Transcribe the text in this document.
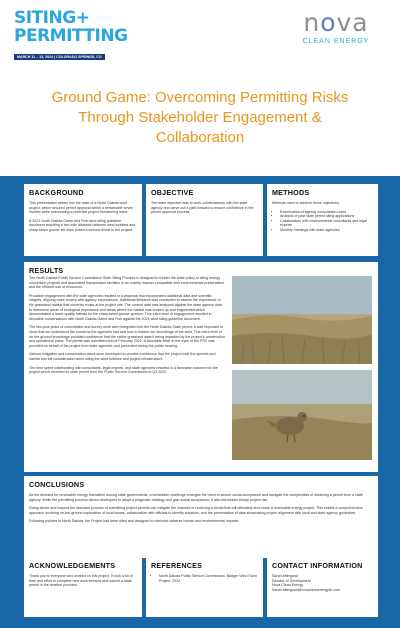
SITING+
PERMITTING
MARCH 11 – 13, 2024 | COLORADO SPRINGS, CO
nova
CLEAN ENERGY
Ground Game: Overcoming Permitting Risks
Through Stakeholder Engagement &
Collaboration
BACKGROUND

This presentation delves into the case of a North Dakota wind project, which secured permit approval within a remarkable seven months while overcoming a potential project-threatening issue.

A 2021 North Dakota Game and Fish wind siting guideline document requiring a two-mile distance between wind turbines and sharp-tailed grouse lek sites posed a serious threat to the project.

OBJECTIVE

The team objective was to work collaboratively with the state agency and carve out a path forward to ensure confidence in the permit approval process.

METHODS

Methods used to achieve these objectives:

• Examination of agency consultation notes
• Analysis of past state permit siting applications
• Collaboration with environmental consultants and legal experts
• Monthly meetings with state agencies
RESULTS

The North Dakota Public Service Commission State Siting Process is designed to further the state policy of siting energy conversion projects and associated transmission facilities in an orderly manner compatible with environmental preservation and the efficient use of resources.

Proactive engagement with the state agencies resulted in a proposal that incorporated additional data and scientific insights, aligning more closely with agency expectations. Additional fieldwork was conducted to assess the importance of the grassland habitat that currently exists at the project site. The current data was analyzed against the state agency data to determine areas of ecological importance and areas where the habitat was broken up and fragmented which demonstrated a lower quality habitat for the sharp-tailed grouse species. This extra level of engagement resulted in favorable conversations with North Dakota Game and Fish against the 2021 wind siting guideline document.

The two-plus years of consultation and survey work were integrated into the North Dakota State permit. It was important to show that we understood the concerns the agencies had and how to bolster our knowledge of the area. This extra level of on-the-ground knowledge provided confidence that the native grassland wasn't being impacted by the project's construction and operational plans. The permit was submitted end of February 2022. A favorable letter in the eyes of the PSC was provided on behalf of the project from state agencies and presented during the public hearing.

Various mitigation and conservation plans were developed to provide confidence that the project took the species and habitat into full consideration when siting the wind turbines and project infrastructure.

The time spent collaborating with consultants, legal experts, and state agencies resulted in a favorable outcome for the project which received its state permit from the Public Service Commission in Q4 2022.

CONCLUSIONS

As the demand for renewable energy intensifies among state governments, a formidable challenge emerges the need to secure social acceptance and navigate the complexities of obtaining a permit from a state agency. While the permitting process allows developers to adopt a pragmatic strategy and gain social acceptance, it also introduces binary project risk.

Going above and beyond the standard process of submitting project permits can mitigate the chances of receiving a denial that will ultimately shut down a renewable energy project. This entails a comprehensive approach involving on-the-ground exploration of local issues, collaboration with officials to identify solutions, and the presentation of data showcasing project alignment with local and state agency guidelines.

Following policies in North Dakota, the Project had been sited and designed to minimize adverse human and environmental impacts.

ACKNOWLEDGEMENTS

Thank you to everyone who worked on this project. It took a lot of time and effort to complete new work streams and submit a state permit in the timeline provided.

REFERENCES
• North Dakota Public Service Commission. Badger Wind Farm Project. 2022.
CONTACT INFORMATION
Sarah Aftergood
Director of Development
Nova Clean Energy
Sarah.aftergood@novacleanenergyllc.com
